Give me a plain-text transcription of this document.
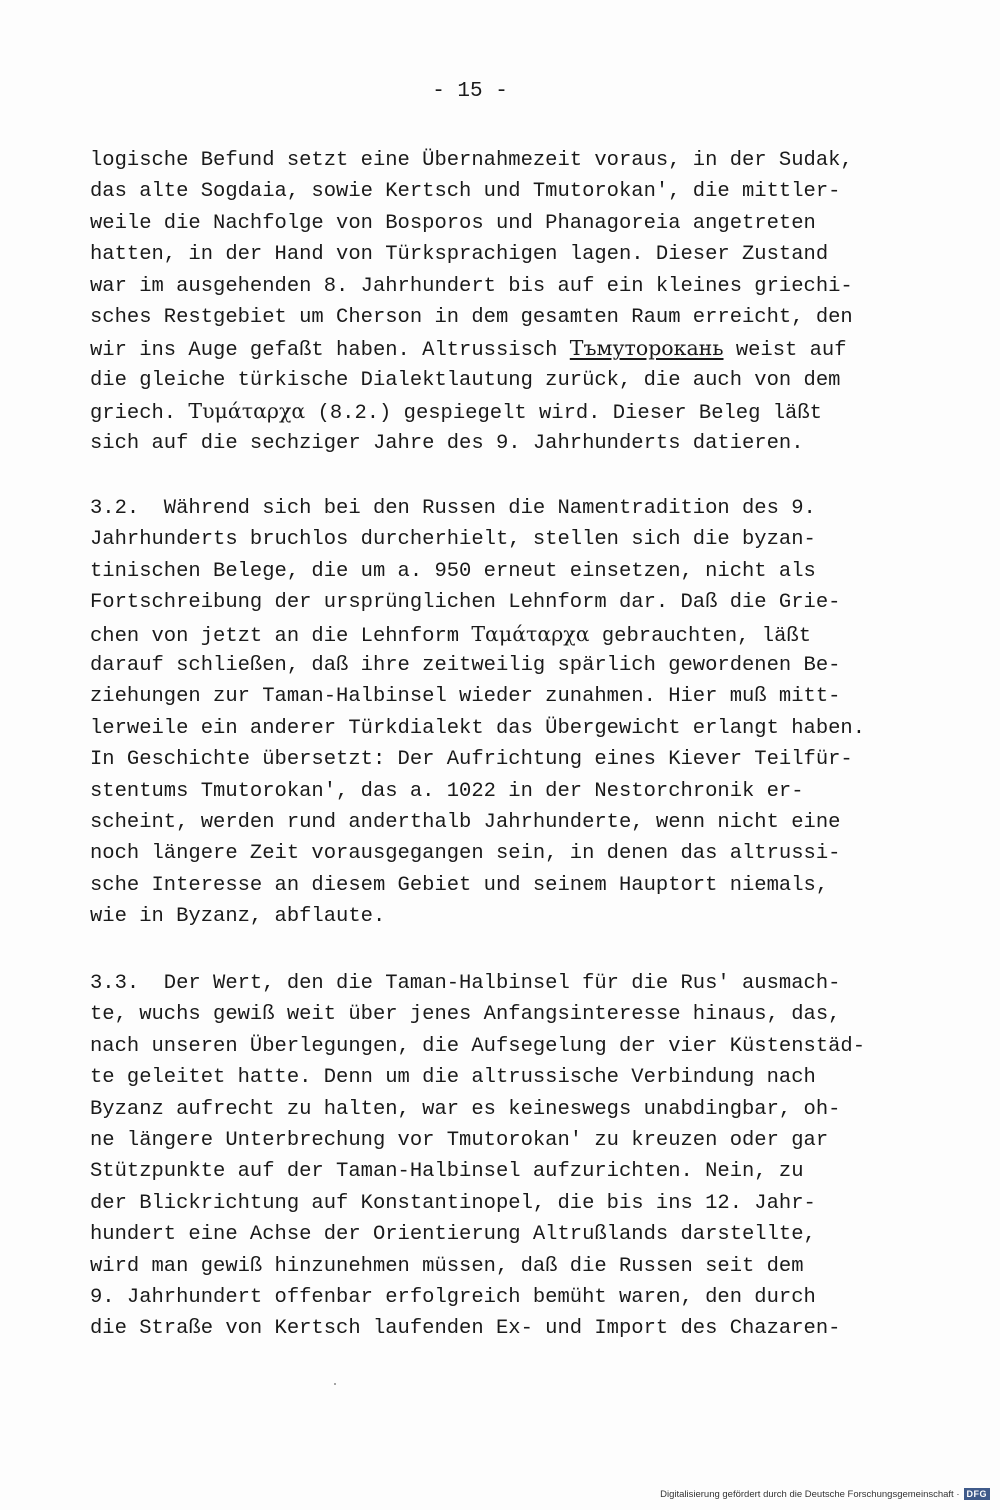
- 15 -
logische Befund setzt eine Übernahmezeit voraus, in der Sudak,
das alte Sogdaia, sowie Kertsch und Tmutorokan', die mittler-
weile die Nachfolge von Bosporos und Phanagoreia angetreten
hatten, in der Hand von Türksprachigen lagen. Dieser Zustand
war im ausgehenden 8. Jahrhundert bis auf ein kleines griechi-
sches Restgebiet um Cherson in dem gesamten Raum erreicht, den
wir ins Auge gefaßt haben. Altrussisch Тъмуторокань weist auf
die gleiche türkische Dialektlautung zurück, die auch von dem
griech. Τυμάταρχα (8.2.) gespiegelt wird. Dieser Beleg läßt
sich auf die sechziger Jahre des 9. Jahrhunderts datieren.
3.2.  Während sich bei den Russen die Namentradition des 9.
Jahrhunderts bruchlos durcherhielt, stellen sich die byzan-
tinischen Belege, die um a. 950 erneut einsetzen, nicht als
Fortschreibung der ursprünglichen Lehnform dar. Daß die Grie-
chen von jetzt an die Lehnform Ταμάταρχα gebrauchten, läßt
darauf schließen, daß ihre zeitweilig spärlich gewordenen Be-
ziehungen zur Taman-Halbinsel wieder zunahmen. Hier muß mitt-
lerweile ein anderer Türkdialekt das Übergewicht erlangt haben.
In Geschichte übersetzt: Der Aufrichtung eines Kiever Teilfür-
stentums Tmutorokan', das a. 1022 in der Nestorchronik er-
scheint, werden rund anderthalb Jahrhunderte, wenn nicht eine
noch längere Zeit vorausgegangen sein, in denen das altrussi-
sche Interesse an diesem Gebiet und seinem Hauptort niemals,
wie in Byzanz, abflaute.
3.3.  Der Wert, den die Taman-Halbinsel für die Rus' ausmach-
te, wuchs gewiß weit über jenes Anfangsinteresse hinaus, das,
nach unseren Überlegungen, die Aufsegelung der vier Küstenstäd-
te geleitet hatte. Denn um die altrussische Verbindung nach
Byzanz aufrecht zu halten, war es keineswegs unabdingbar, oh-
ne längere Unterbrechung vor Tmutorokan' zu kreuzen oder gar
Stützpunkte auf der Taman-Halbinsel aufzurichten. Nein, zu
der Blickrichtung auf Konstantinopel, die bis ins 12. Jahr-
hundert eine Achse der Orientierung Altrußlands darstellte,
wird man gewiß hinzunehmen müssen, daß die Russen seit dem
9. Jahrhundert offenbar erfolgreich bemüht waren, den durch
die Straße von Kertsch laufenden Ex- und Import des Chazaren-
Digitalisierung gefördert durch die Deutsche Forschungsgemeinschaft · DFG
